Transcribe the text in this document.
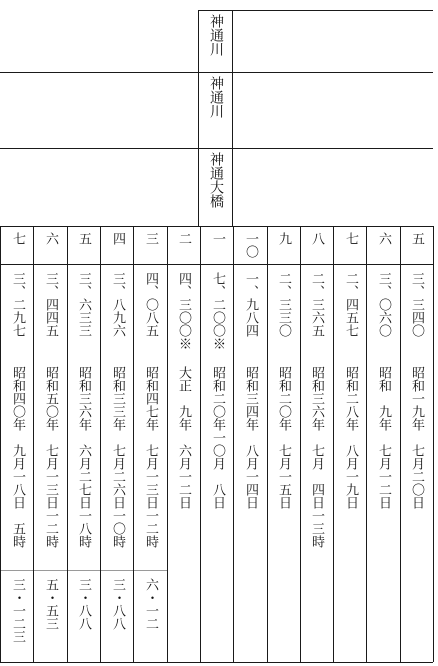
神通川
神通川
神通大橋
五
三、三四〇
昭和一九年　七月二〇日
六
三、〇六〇
昭和　九年　七月一二日
七
二、四五七
昭和二八年　八月一九日
八
二、三六五
昭和三六年　七月　四日一三時
九
二、三三〇
昭和二〇年　七月一五日
一〇
一、九八四
昭和三四年　八月一四日
一
七、二〇〇※
昭和二〇年一〇月　八日
二
四、三〇〇※
大正　九年　六月一二日
三
四、〇八五
昭和四七年　七月一三日一二時
六・一二
四
三、八九六
昭和三三年　七月二六日一〇時
三・八八
五
三、六三三
昭和三六年　六月二七日一八時
三・八八
六
三、四四五
昭和五〇年　七月一三日一二時
五・五三
七
三、二九七
昭和四〇年　九月一八日　五時
三・一二三
